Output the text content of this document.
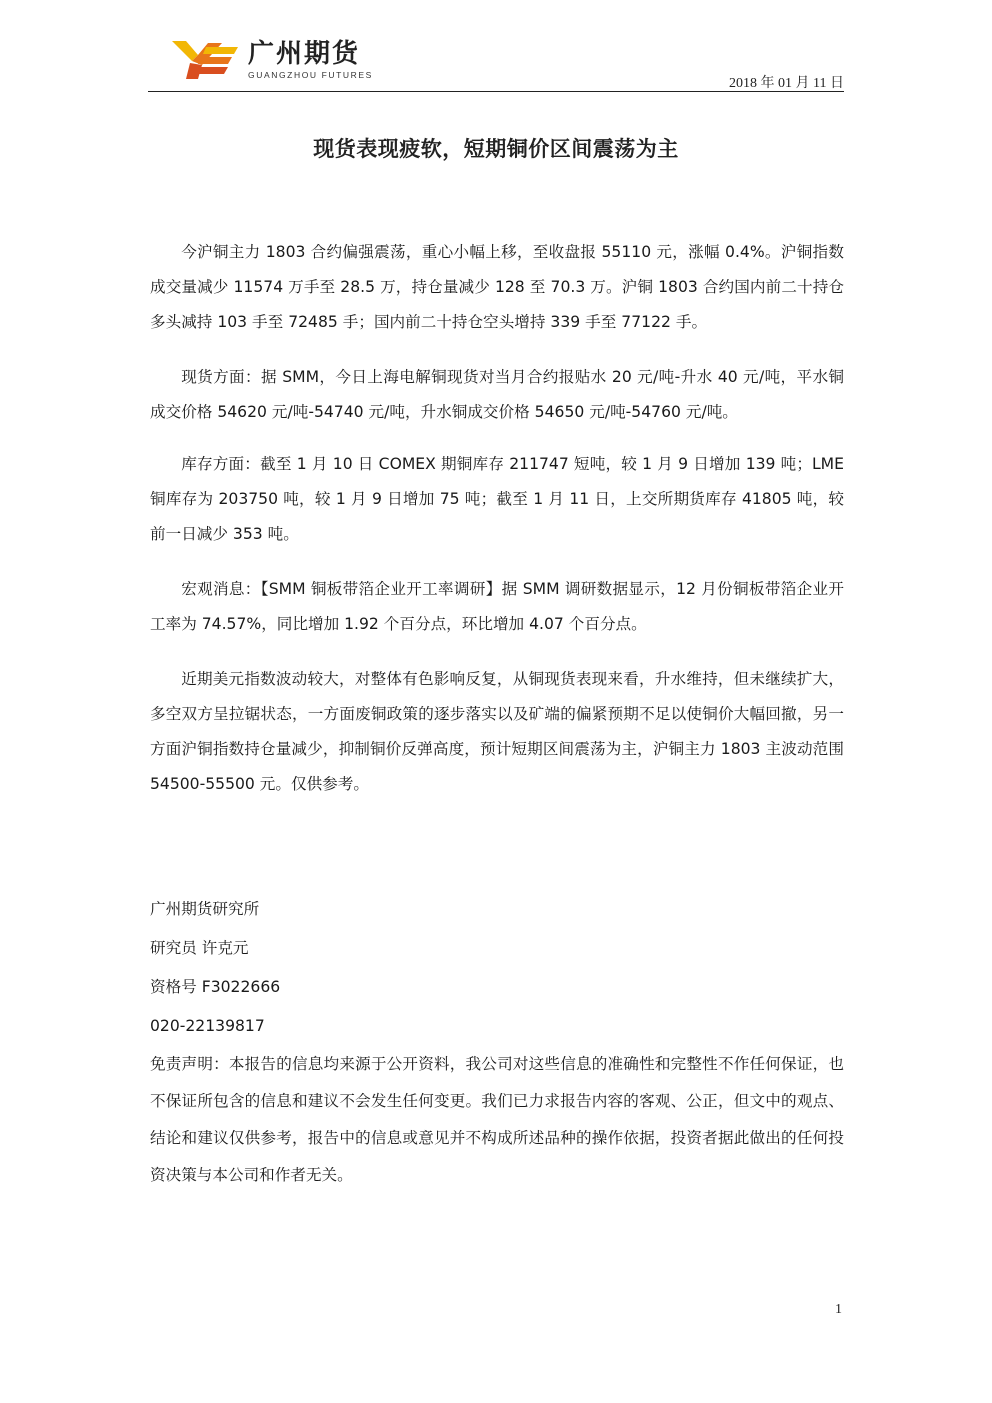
广州期货
GUANGZHOU FUTURES
2018 年 01 月 11 日
现货表现疲软，短期铜价区间震荡为主

今沪铜主力 1803 合约偏强震荡，重心小幅上移，至收盘报 55110 元，涨幅 0.4%。沪铜指数成交量减少 11574 万手至 28.5 万，持仓量减少 128 至 70.3 万。沪铜 1803 合约国内前二十持仓多头减持 103 手至 72485 手；国内前二十持仓空头增持 339 手至 77122 手。

现货方面：据 SMM，今日上海电解铜现货对当月合约报贴水 20 元/吨-升水 40 元/吨，平水铜成交价格 54620 元/吨-54740 元/吨，升水铜成交价格 54650 元/吨-54760 元/吨。

库存方面：截至 1 月 10 日 COMEX 期铜库存 211747 短吨，较 1 月 9 日增加 139 吨；LME 铜库存为 203750 吨，较 1 月 9 日增加 75 吨；截至 1 月 11 日，上交所期货库存 41805 吨，较前一日减少 353 吨。

宏观消息：【SMM 铜板带箔企业开工率调研】据 SMM 调研数据显示，12 月份铜板带箔企业开工率为 74.57%，同比增加 1.92 个百分点，环比增加 4.07 个百分点。

近期美元指数波动较大，对整体有色影响反复，从铜现货表现来看，升水维持，但未继续扩大，多空双方呈拉锯状态，一方面废铜政策的逐步落实以及矿端的偏紧预期不足以使铜价大幅回撤，另一方面沪铜指数持仓量减少，抑制铜价反弹高度，预计短期区间震荡为主，沪铜主力 1803 主波动范围 54500-55500 元。仅供参考。

广州期货研究所
研究员 许克元
资格号 F3022666
020-22139817
免责声明：本报告的信息均来源于公开资料，我公司对这些信息的准确性和完整性不作任何保证，也不保证所包含的信息和建议不会发生任何变更。我们已力求报告内容的客观、公正，但文中的观点、结论和建议仅供参考，报告中的信息或意见并不构成所述品种的操作依据，投资者据此做出的任何投资决策与本公司和作者无关。
1
